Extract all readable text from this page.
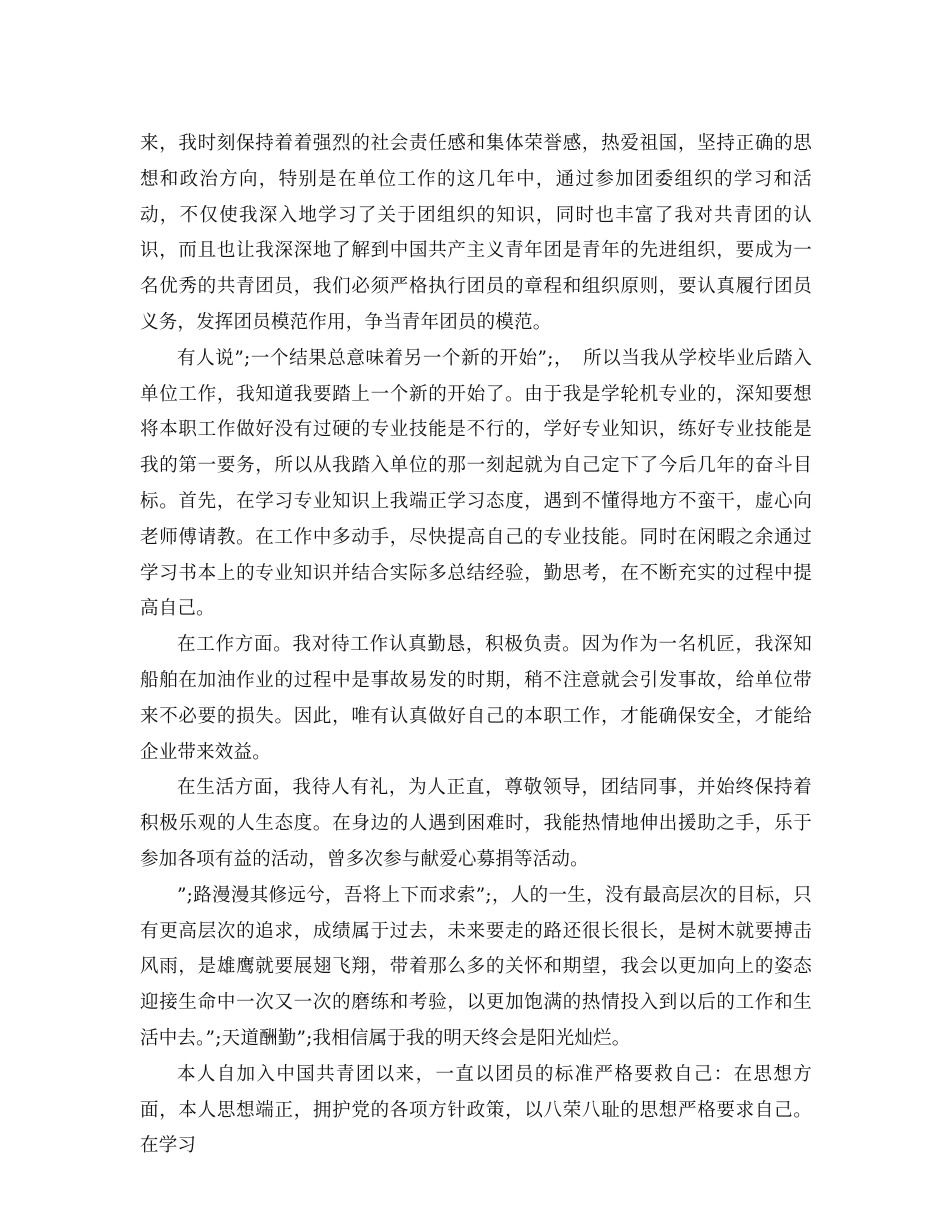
来，我时刻保持着着强烈的社会责任感和集体荣誉感，热爱祖国，坚持正确的思想和政治方向，特别是在单位工作的这几年中，通过参加团委组织的学习和活动，不仅使我深入地学习了关于团组织的知识，同时也丰富了我对共青团的认识，而且也让我深深地了解到中国共产主义青年团是青年的先进组织，要成为一名优秀的共青团员，我们必须严格执行团员的章程和组织原则，要认真履行团员义务，发挥团员模范作用，争当青年团员的模范。

有人说”;一个结果总意味着另一个新的开始”;，　所以当我从学校毕业后踏入单位工作，我知道我要踏上一个新的开始了。由于我是学轮机专业的，深知要想将本职工作做好没有过硬的专业技能是不行的，学好专业知识，练好专业技能是我的第一要务，所以从我踏入单位的那一刻起就为自己定下了今后几年的奋斗目标。首先，在学习专业知识上我端正学习态度，遇到不懂得地方不蛮干，虚心向老师傅请教。在工作中多动手，尽快提高自己的专业技能。同时在闲暇之余通过学习书本上的专业知识并结合实际多总结经验，勤思考，在不断充实的过程中提高自己。

在工作方面。我对待工作认真勤恳，积极负责。因为作为一名机匠，我深知船舶在加油作业的过程中是事故易发的时期，稍不注意就会引发事故，给单位带来不必要的损失。因此，唯有认真做好自己的本职工作，才能确保安全，才能给企业带来效益。

在生活方面，我待人有礼，为人正直，尊敬领导，团结同事，并始终保持着积极乐观的人生态度。在身边的人遇到困难时，我能热情地伸出援助之手，乐于参加各项有益的活动，曾多次参与献爱心募捐等活动。

”;路漫漫其修远兮，吾将上下而求索”;，人的一生，没有最高层次的目标，只有更高层次的追求，成绩属于过去，未来要走的路还很长很长，是树木就要搏击风雨，是雄鹰就要展翅飞翔，带着那么多的关怀和期望，我会以更加向上的姿态迎接生命中一次又一次的磨练和考验，以更加饱满的热情投入到以后的工作和生活中去。”;天道酬勤”;我相信属于我的明天终会是阳光灿烂。

本人自加入中国共青团以来，一直以团员的标准严格要救自己：在思想方面，本人思想端正，拥护党的各项方针政策，以八荣八耻的思想严格要求自己。在学习
